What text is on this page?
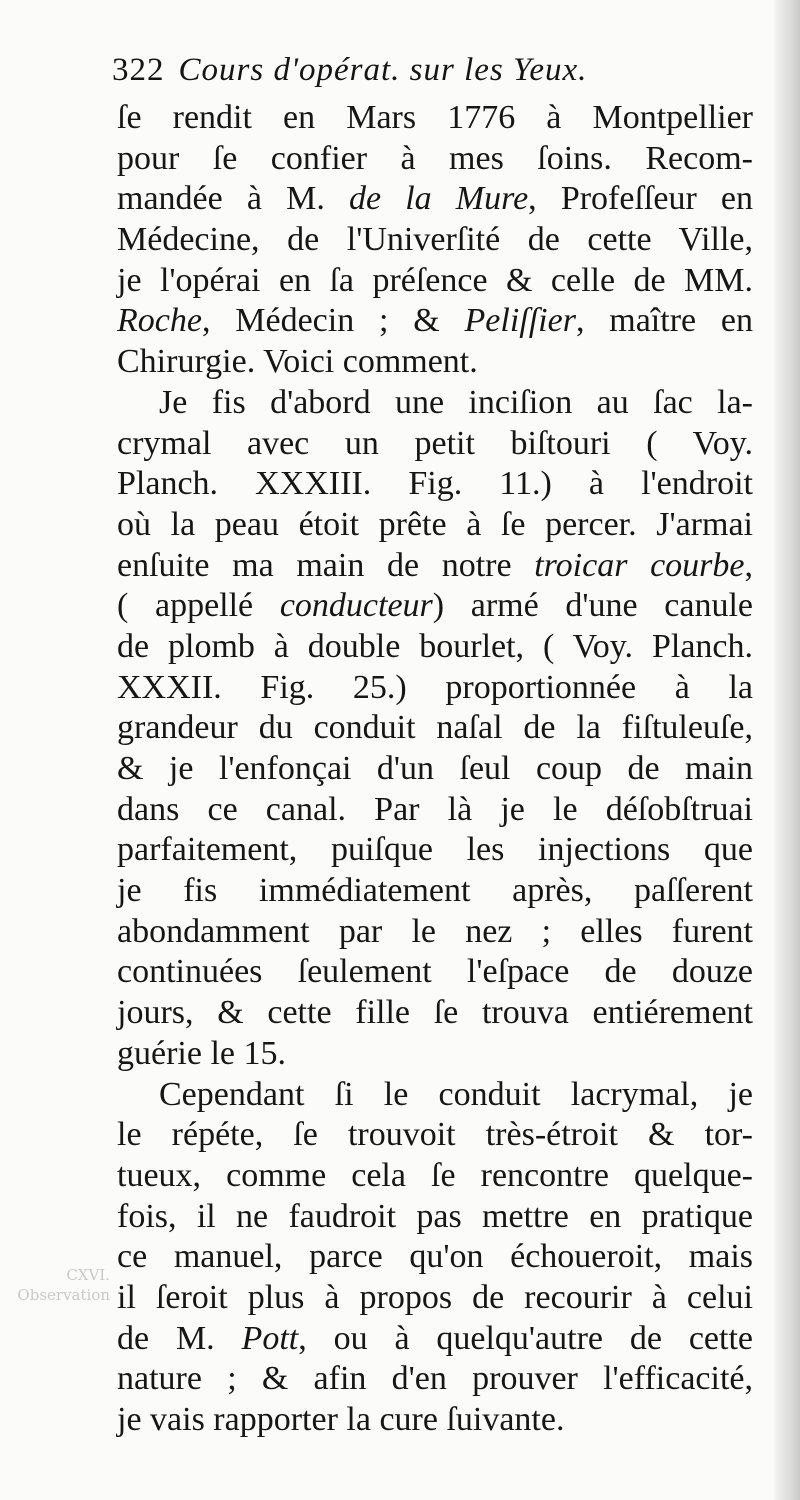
CXVI.
Observation
322 Cours d'opérat. sur les Yeux.
ſe rendit en Mars 1776 à Montpellier
pour ſe confier à mes ſoins. Recom-
mandée à M. de la Mure, Profeſſeur en
Médecine, de l'Univerſité de cette Ville,
je l'opérai en ſa préſence & celle de MM.
Roche, Médecin ; & Peliſſier, maître en
Chirurgie. Voici comment.
Je fis d'abord une inciſion au ſac la-
crymal avec un petit biſtouri ( Voy.
Planch. XXXIII. Fig. 11.) à l'endroit
où la peau étoit prête à ſe percer. J'armai
enſuite ma main de notre troicar courbe,
( appellé conducteur) armé d'une canule
de plomb à double bourlet, ( Voy. Planch.
XXXII. Fig. 25.) proportionnée à la
grandeur du conduit naſal de la fiſtuleuſe,
& je l'enfonçai d'un ſeul coup de main
dans ce canal. Par là je le déſobſtruai
parfaitement, puiſque les injections que
je fis immédiatement après, paſſerent
abondamment par le nez ; elles furent
continuées ſeulement l'eſpace de douze
jours, & cette fille ſe trouva entiérement
guérie le 15.
Cependant ſi le conduit lacrymal, je
le répéte, ſe trouvoit très-étroit & tor-
tueux, comme cela ſe rencontre quelque-
fois, il ne faudroit pas mettre en pratique
ce manuel, parce qu'on échoueroit, mais
il ſeroit plus à propos de recourir à celui
de M. Pott, ou à quelqu'autre de cette
nature ; & afin d'en prouver l'efficacité,
je vais rapporter la cure ſuivante.
